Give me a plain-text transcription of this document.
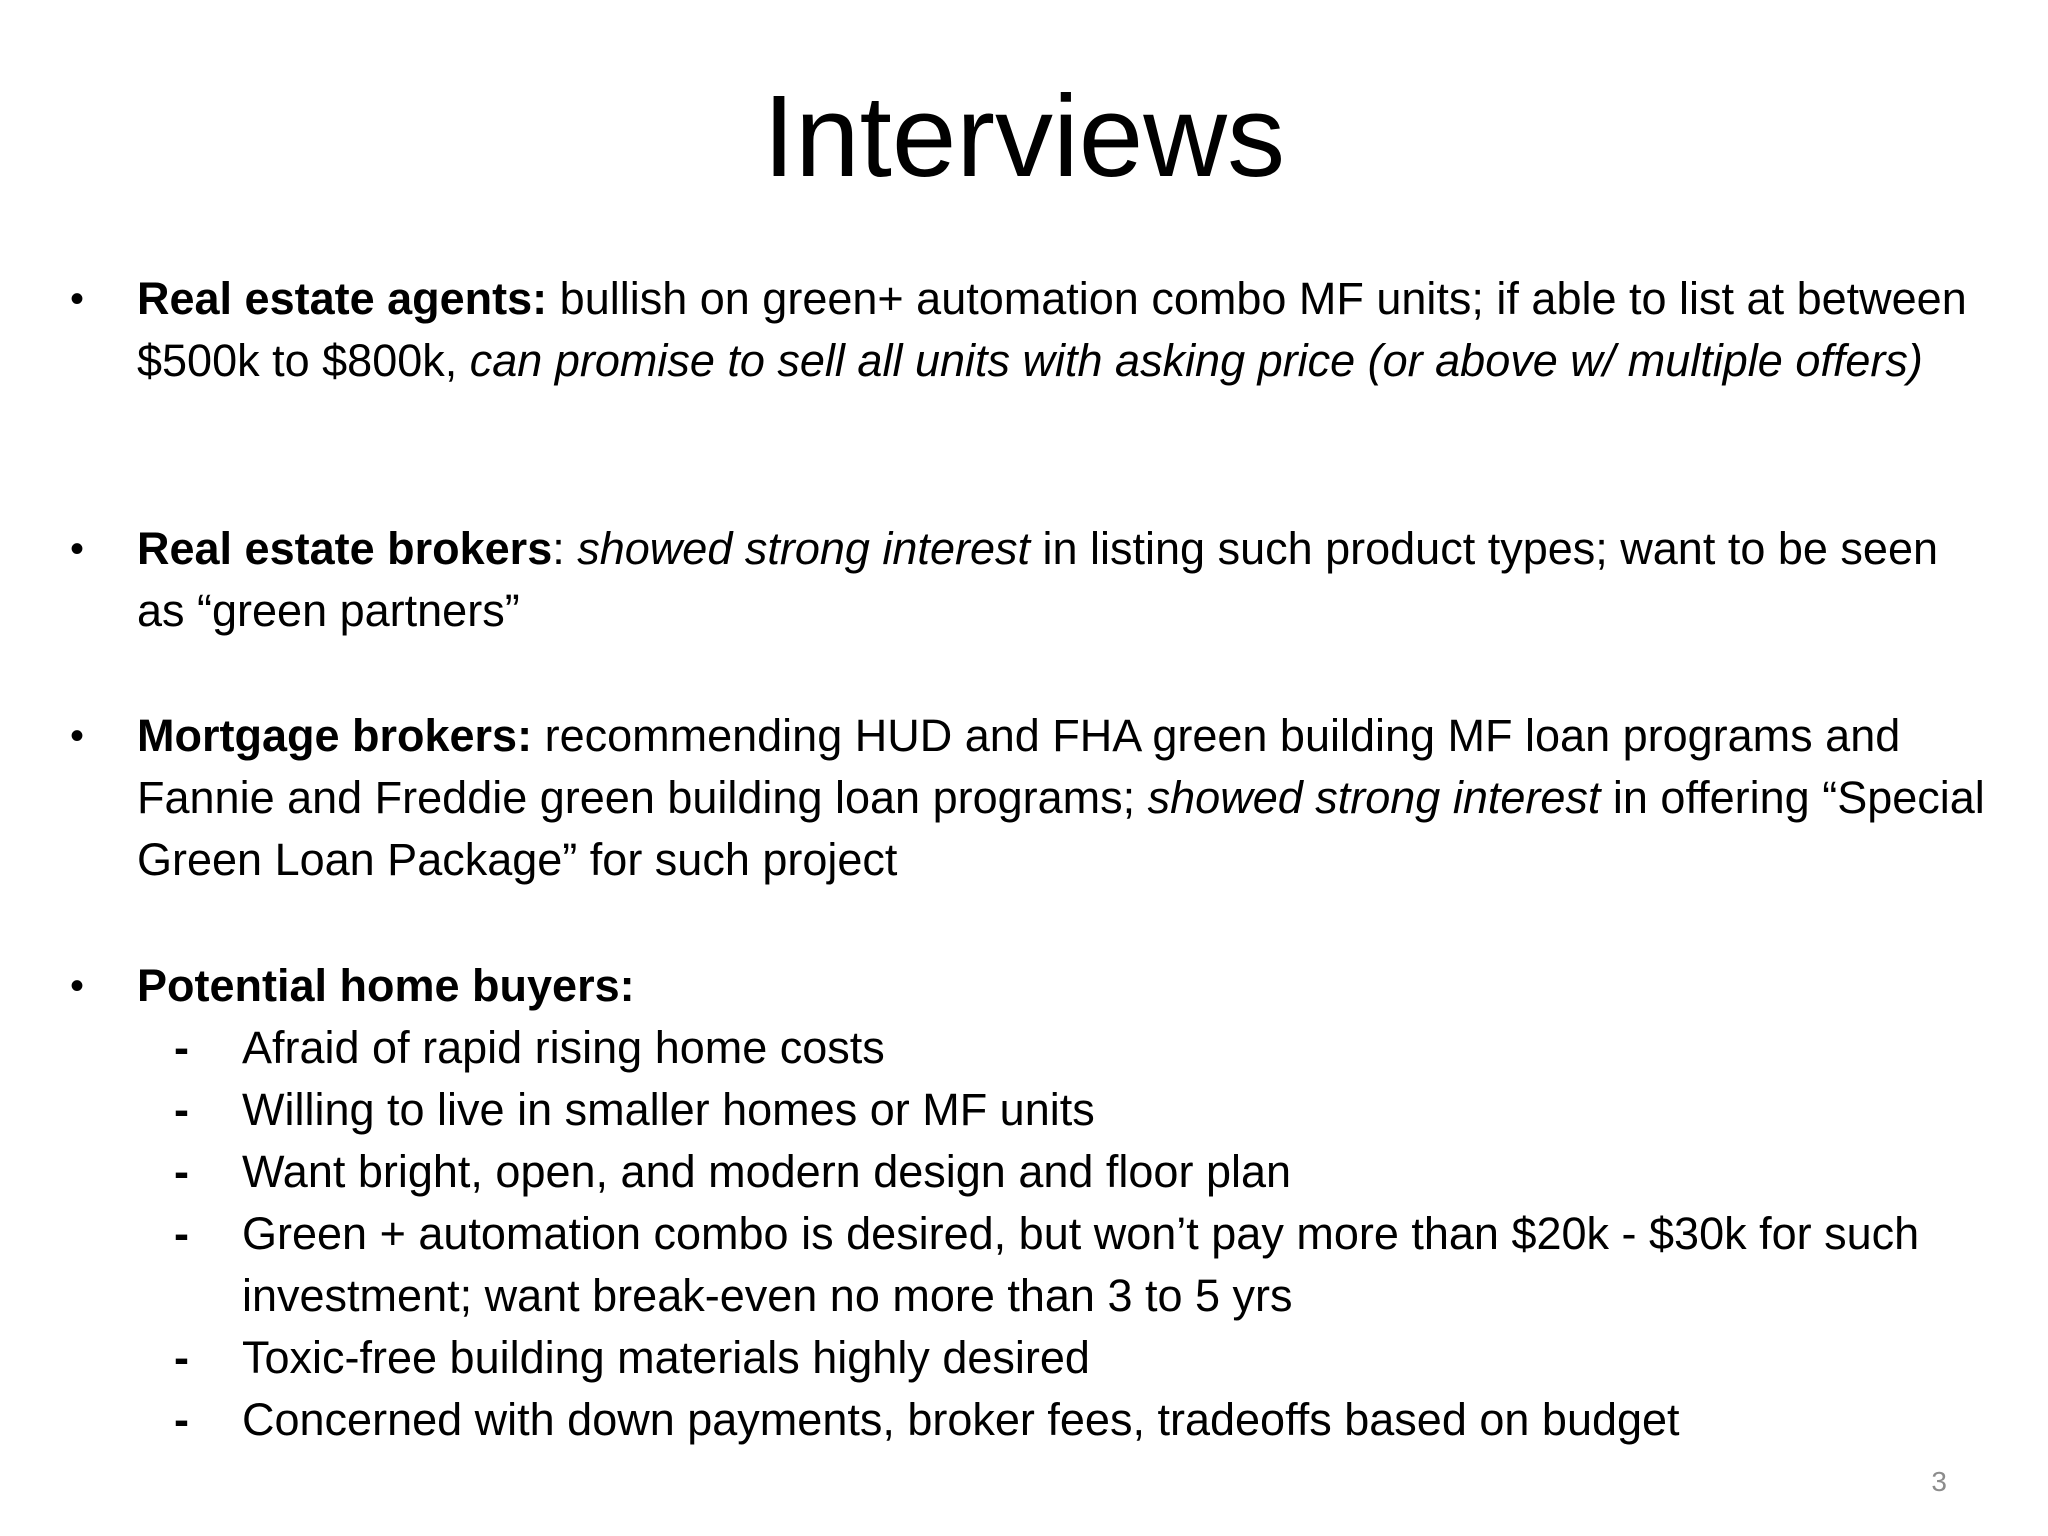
Interviews
• Real estate agents: bullish on green+ automation combo MF units; if able to list at between $500k to $800k, can promise to sell all units with asking price (or above w/ multiple offers)
• Real estate brokers: showed strong interest in listing such product types; want to be seen as “green partners”
• Mortgage brokers: recommending HUD and FHA green building MF loan programs and Fannie and Freddie green building loan programs; showed strong interest in offering “Special Green Loan Package” for such project
• Potential home buyers:
- Afraid of rapid rising home costs
- Willing to live in smaller homes or MF units
- Want bright, open, and modern design and floor plan
- Green + automation combo is desired, but won’t pay more than $20k - $30k for such investment; want break-even no more than 3 to 5 yrs
- Toxic-free building materials highly desired
- Concerned with down payments, broker fees, tradeoffs based on budget
3
